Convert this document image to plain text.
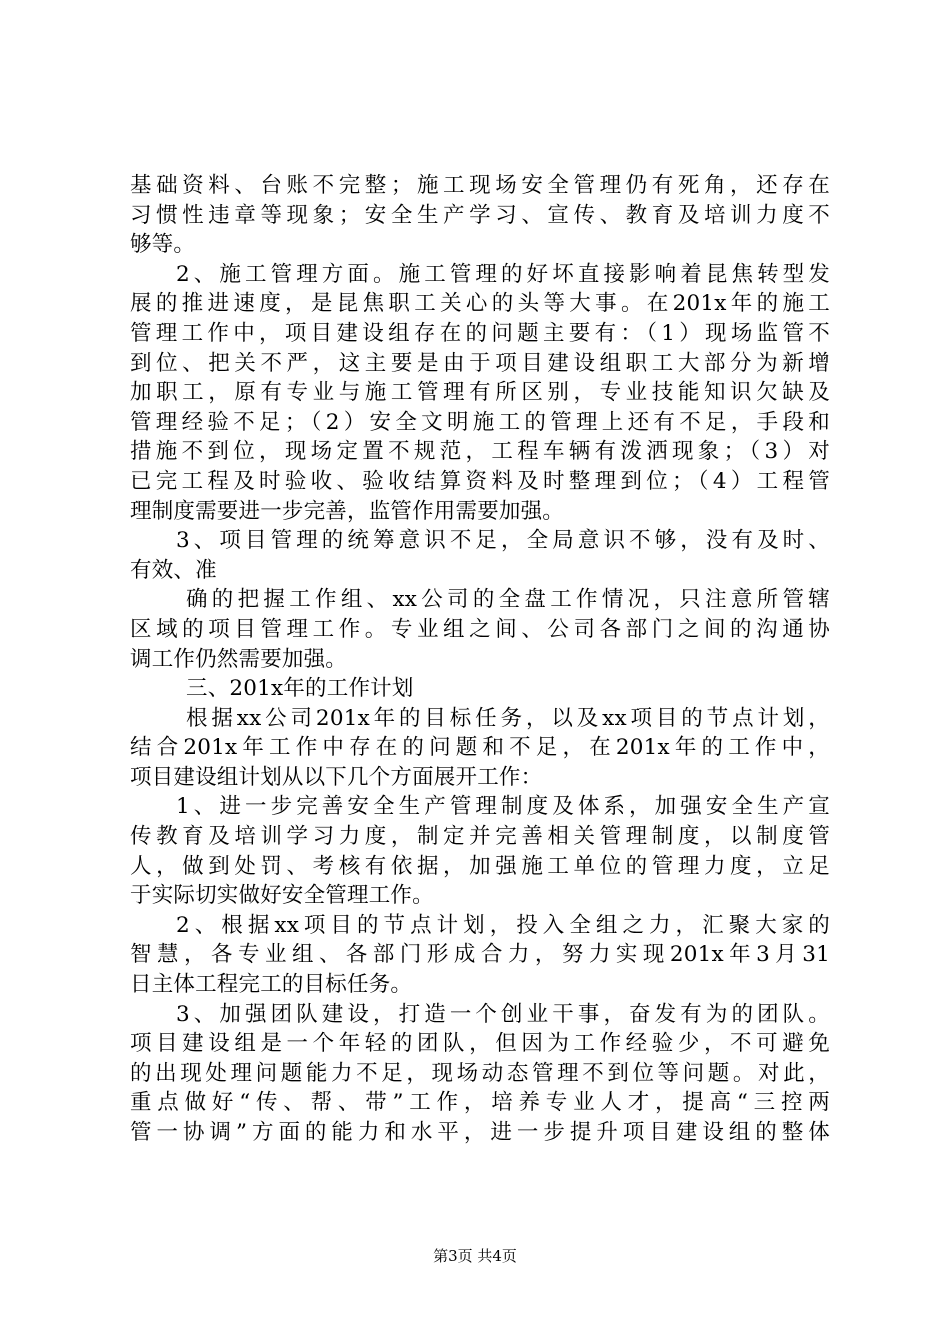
基础资料、台账不完整；施工现场安全管理仍有死角，还存在
习惯性违章等现象；安全生产学习、宣传、教育及培训力度不
够等。
2、施工管理方面。施工管理的好坏直接影响着昆焦转型发
展的推进速度，是昆焦职工关心的头等大事。在201x年的施工
管理工作中，项目建设组存在的问题主要有：（1）现场监管不
到位、把关不严，这主要是由于项目建设组职工大部分为新增
加职工，原有专业与施工管理有所区别，专业技能知识欠缺及
管理经验不足；（2）安全文明施工的管理上还有不足，手段和
措施不到位，现场定置不规范，工程车辆有泼洒现象；（3）对
已完工程及时验收、验收结算资料及时整理到位；（4）工程管
理制度需要进一步完善，监管作用需要加强。
3、项目管理的统筹意识不足，全局意识不够，没有及时、
有效、准
确的把握工作组、xx公司的全盘工作情况，只注意所管辖
区域的项目管理工作。专业组之间、公司各部门之间的沟通协
调工作仍然需要加强。
三、201x年的工作计划
根据xx公司201x年的目标任务，以及xx项目的节点计划，
结合201x年工作中存在的问题和不足，在201x年的工作中，
项目建设组计划从以下几个方面展开工作：
1、进一步完善安全生产管理制度及体系，加强安全生产宣
传教育及培训学习力度，制定并完善相关管理制度，以制度管
人，做到处罚、考核有依据，加强施工单位的管理力度，立足
于实际切实做好安全管理工作。
2、根据xx项目的节点计划，投入全组之力，汇聚大家的
智慧，各专业组、各部门形成合力，努力实现201x年3月31
日主体工程完工的目标任务。
3、加强团队建设，打造一个创业干事，奋发有为的团队。
项目建设组是一个年轻的团队，但因为工作经验少，不可避免
的出现处理问题能力不足，现场动态管理不到位等问题。对此，
重点做好“传、帮、带”工作，培养专业人才，提高“三控两
管一协调”方面的能力和水平，进一步提升项目建设组的整体
第3页 共4页
